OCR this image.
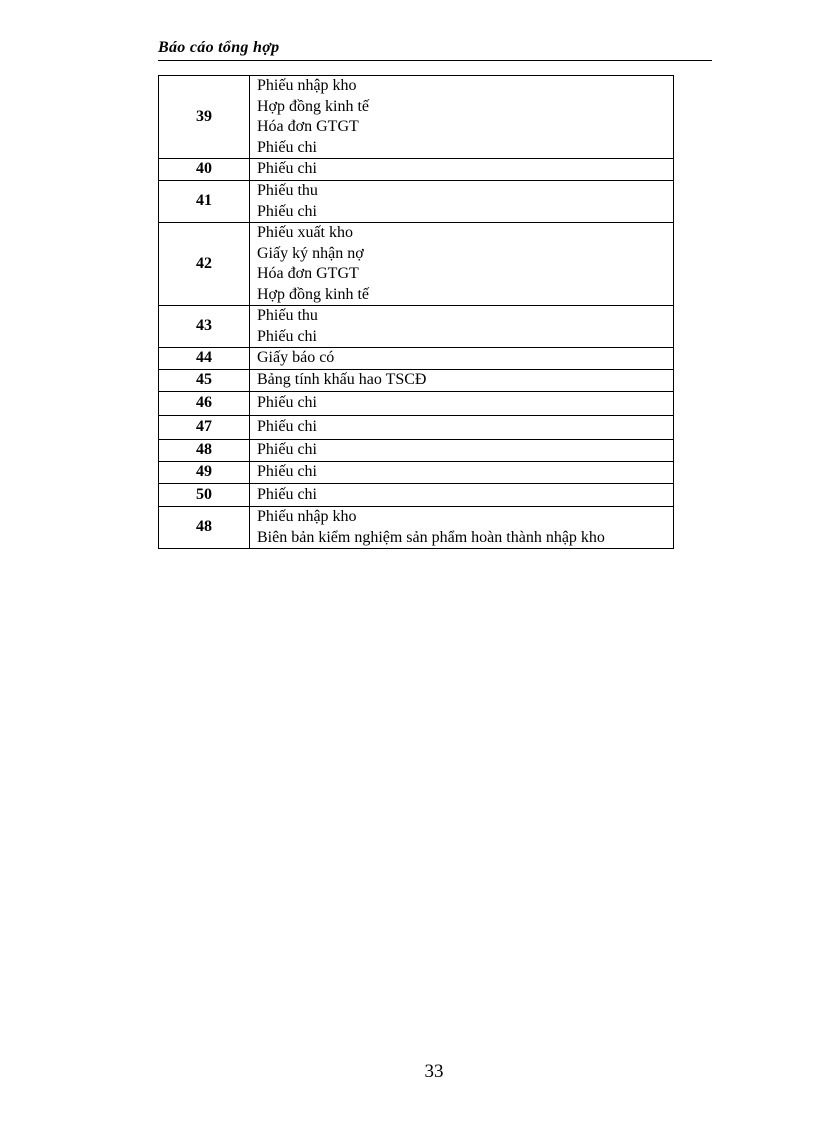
Báo cáo tổng hợp
39	Phiếu nhập kho
Hợp đồng kinh tế
Hóa đơn GTGT
Phiếu chi

40	Phiếu chi

41	Phiếu thu
Phiếu chi

42	Phiếu xuất kho
Giấy ký nhận nợ
Hóa đơn GTGT
Hợp đồng kinh tế

43	Phiếu thu
Phiếu chi

44	Giấy báo có

45	Bảng tính khấu hao TSCĐ

46	Phiếu chi

47	Phiếu chi

48	Phiếu chi

49	Phiếu chi

50	Phiếu chi

48	Phiếu nhập kho
Biên bản kiểm nghiệm sản phẩm hoàn thành nhập kho
33
